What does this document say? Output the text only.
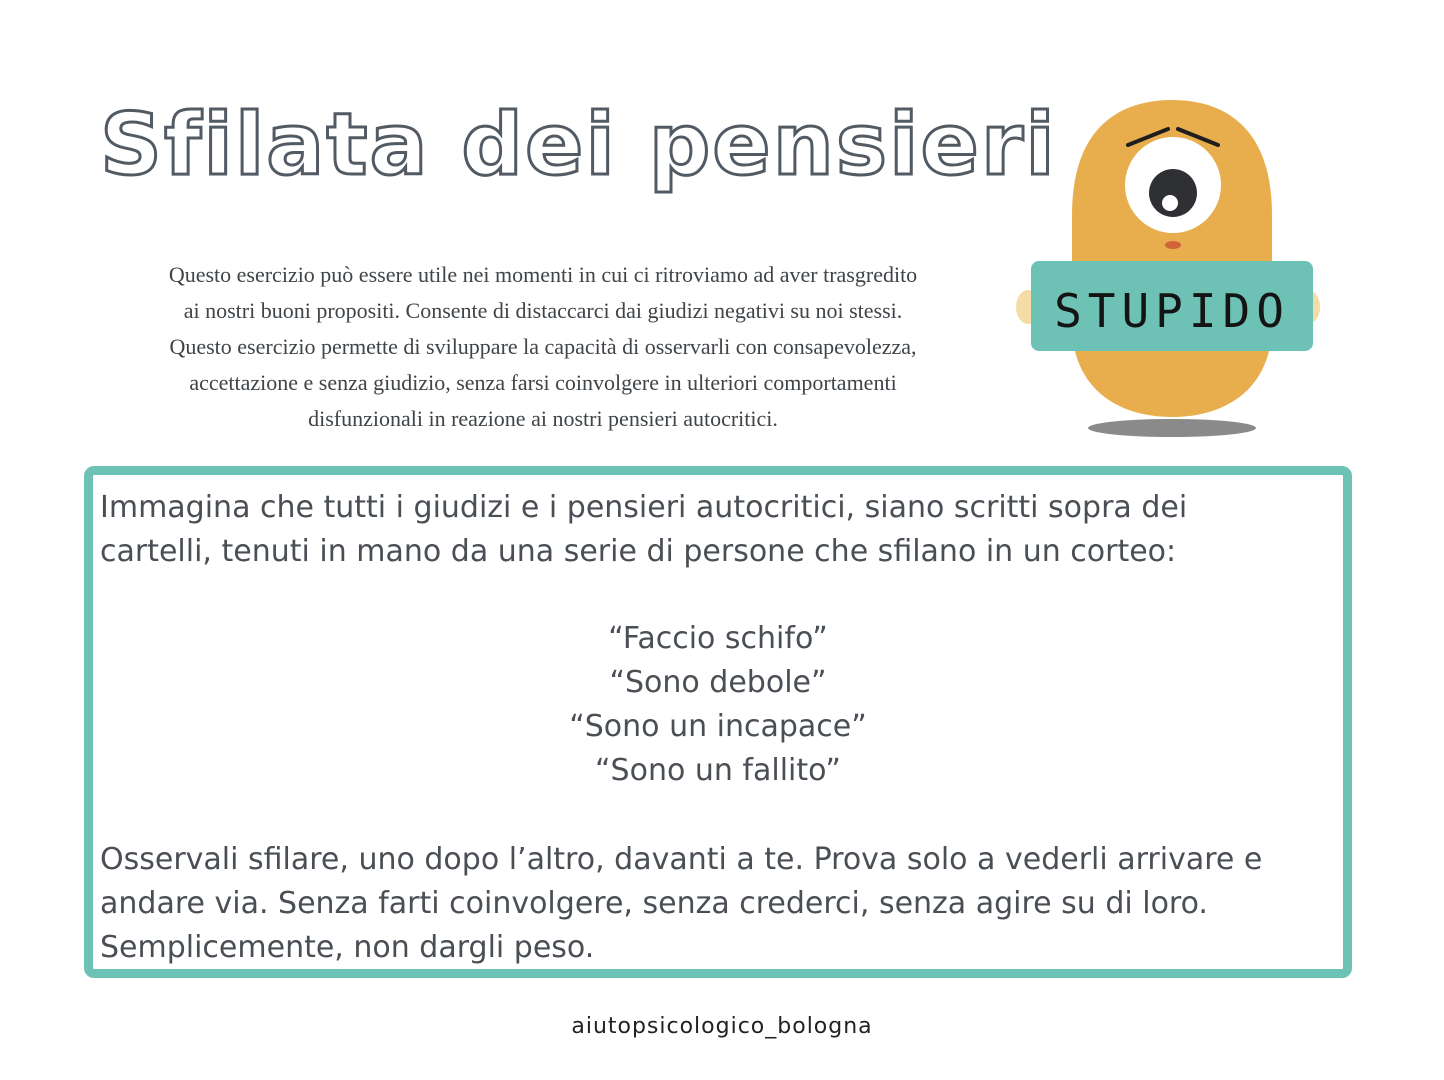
Sfilata dei pensieri

Questo esercizio può essere utile nei momenti in cui ci ritroviamo ad aver trasgredito
ai nostri buoni propositi. Consente di distaccarci dai giudizi negativi su noi stessi.
Questo esercizio permette di sviluppare la capacità di osservarli con consapevolezza,
accettazione e senza giudizio, senza farsi coinvolgere in ulteriori comportamenti
disfunzionali in reazione ai nostri pensieri autocritici.

STUPIDO

Immagina che tutti i giudizi e i pensieri autocritici, siano scritti sopra dei
cartelli, tenuti in mano da una serie di persone che sfilano in un corteo:

“Faccio schifo”
“Sono debole”
“Sono un incapace”
“Sono un fallito”

Osservali sfilare, uno dopo l’altro, davanti a te. Prova solo a vederli arrivare e
andare via. Senza farti coinvolgere, senza crederci, senza agire su di loro.
Semplicemente, non dargli peso.

aiutopsicologico_bologna
